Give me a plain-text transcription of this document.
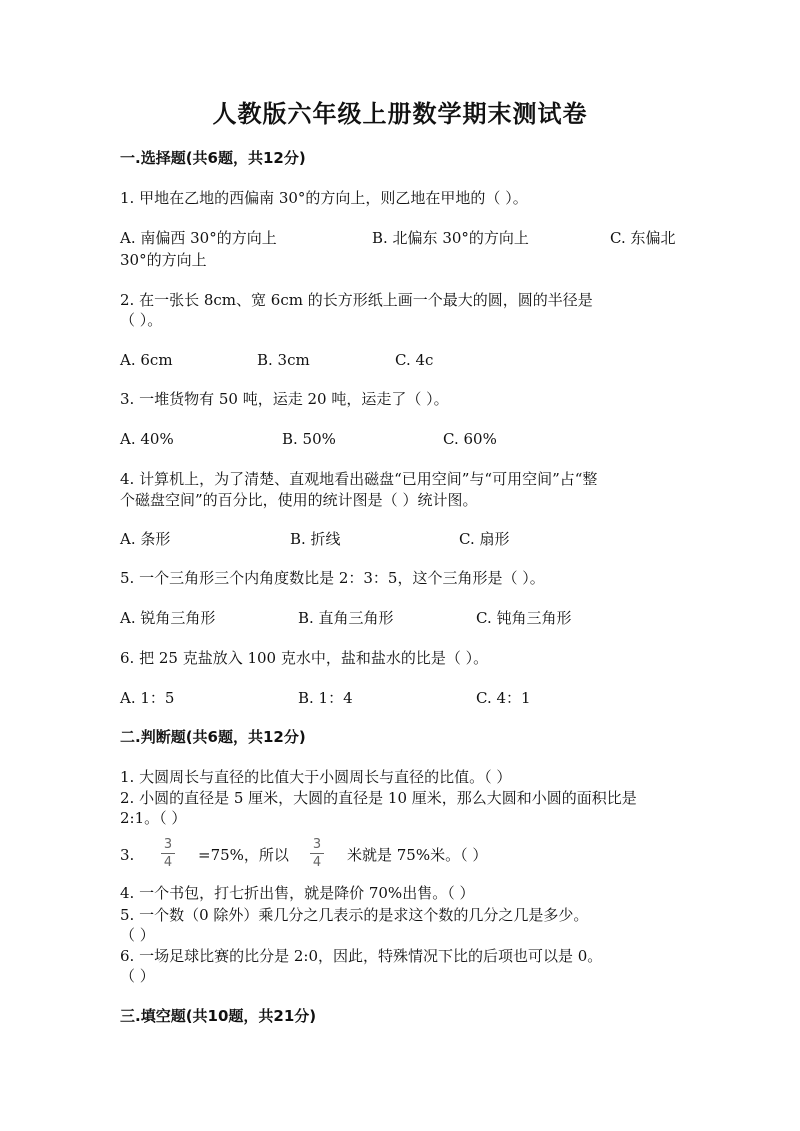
人教版六年级上册数学期末测试卷
一.选择题(共6题，共12分)
1. 甲地在乙地的西偏南 30°的方向上，则乙地在甲地的（ ）。
A. 南偏西 30°的方向上	B. 北偏东 30°的方向上	C. 东偏北
30°的方向上
2. 在一张长 8cm、宽 6cm 的长方形纸上画一个最大的圆，圆的半径是
（ ）。
A. 6cm	B. 3cm	C. 4c
3. 一堆货物有 50 吨，运走 20 吨，运走了（ ）。
A. 40%	B. 50%	C. 60%
4. 计算机上，为了清楚、直观地看出磁盘“已用空间”与“可用空间”占“整
个磁盘空间”的百分比，使用的统计图是（ ）统计图。
A. 条形	B. 折线	C. 扇形
5. 一个三角形三个内角度数比是 2：3：5，这个三角形是（ ）。
A. 锐角三角形	B. 直角三角形	C. 钝角三角形
6. 把 25 克盐放入 100 克水中，盐和盐水的比是（ ）。
A. 1：5	B. 1：4	C. 4：1
二.判断题(共6题，共12分)
1. 大圆周长与直径的比值大于小圆周长与直径的比值。（ ）
2. 小圆的直径是 5 厘米，大圆的直径是 10 厘米，那么大圆和小圆的面积比是
2:1。（ ）
3.
3
4 =75%，所以
3
4 米就是 75%米。（ ）
4. 一个书包，打七折出售，就是降价 70%出售。（ ）
5. 一个数（0 除外）乘几分之几表示的是求这个数的几分之几是多少。
（ ）
6. 一场足球比赛的比分是 2:0，因此，特殊情况下比的后项也可以是 0。
（ ）
三.填空题(共10题，共21分)
